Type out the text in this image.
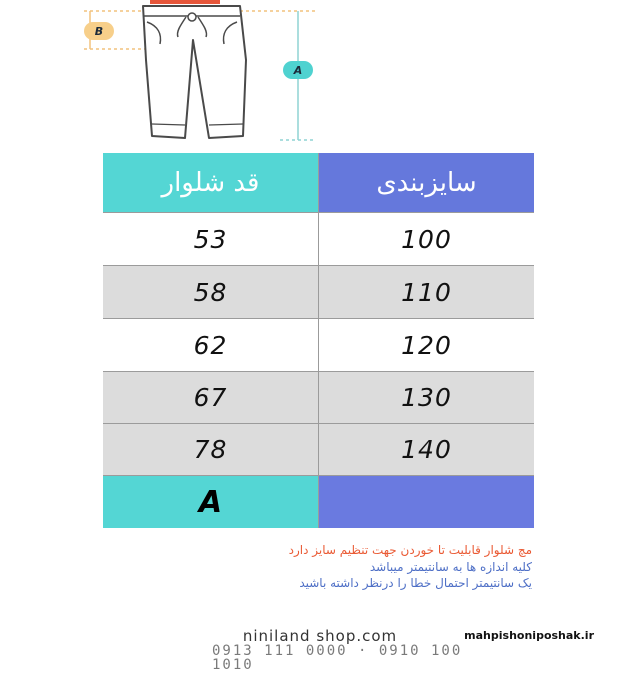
B
A
قد شلوار	سایزبندی
53	100
58	110
62	120
67	130
78	140
A
مچ شلوار قابلیت تا خوردن جهت تنظیم سایز دارد
کلیه اندازه ها به سانتیمتر میباشد
یک سانتیمتر احتمال خطا را درنظر داشته باشید
niniland shop.com
0913 111 0000 · 0910 100 1010
mahpishoniposhak.ir
